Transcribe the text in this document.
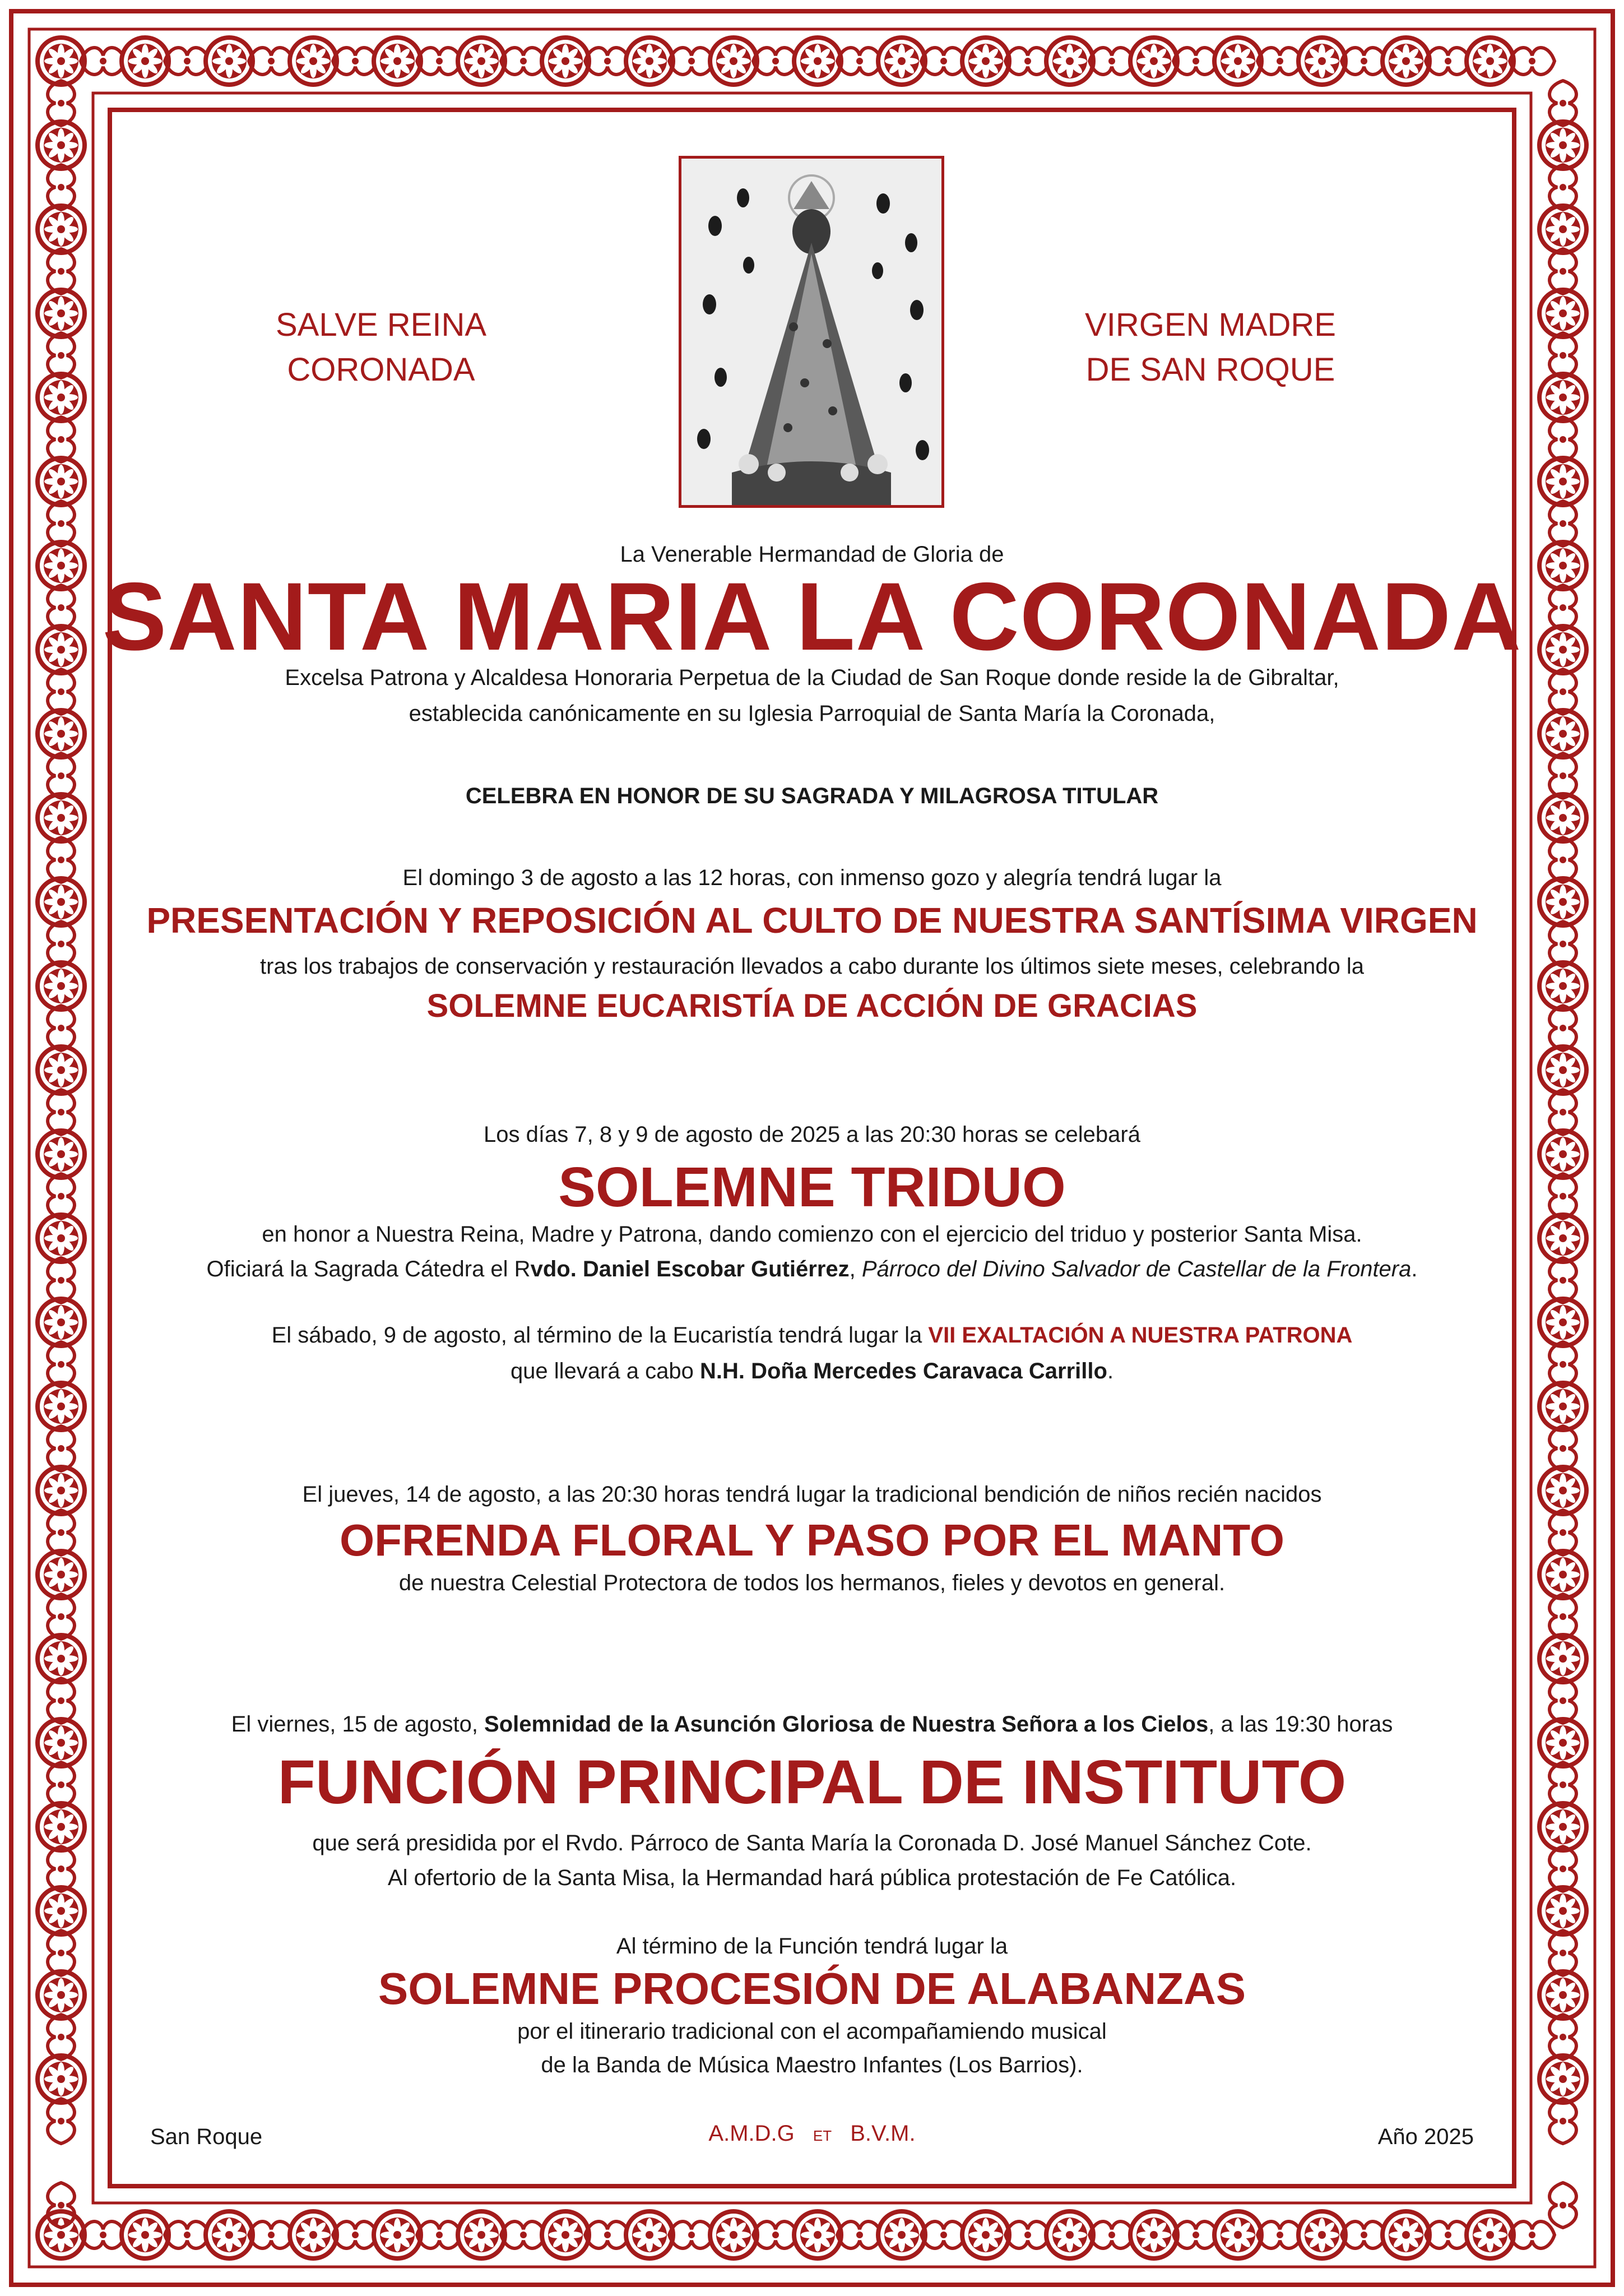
SALVE REINA
CORONADA
VIRGEN MADRE
DE SAN ROQUE
La Venerable Hermandad de Gloria de
SANTA MARIA LA CORONADA
Excelsa Patrona y Alcaldesa Honoraria Perpetua de la Ciudad de San Roque donde reside la de Gibraltar,
establecida canónicamente en su Iglesia Parroquial de Santa María la Coronada,
CELEBRA EN HONOR DE SU SAGRADA Y MILAGROSA TITULAR
El domingo 3 de agosto a las 12 horas, con inmenso gozo y alegría tendrá lugar la
PRESENTACIÓN Y REPOSICIÓN AL CULTO DE NUESTRA SANTÍSIMA VIRGEN
tras los trabajos de conservación y restauración llevados a cabo durante los últimos siete meses, celebrando la
SOLEMNE EUCARISTÍA DE ACCIÓN DE GRACIAS
Los días 7, 8 y 9 de agosto de 2025 a las 20:30 horas se celebará
SOLEMNE TRIDUO
en honor a Nuestra Reina, Madre y Patrona, dando comienzo con el ejercicio del triduo y posterior Santa Misa.
Oficiará la Sagrada Cátedra el Rvdo. Daniel Escobar Gutiérrez, Párroco del Divino Salvador de Castellar de la Frontera.
El sábado, 9 de agosto, al término de la Eucaristía tendrá lugar la VII EXALTACIÓN A NUESTRA PATRONA
que llevará a cabo N.H. Doña Mercedes Caravaca Carrillo.
El jueves, 14 de agosto, a las 20:30 horas tendrá lugar la tradicional bendición de niños recién nacidos
OFRENDA FLORAL Y PASO POR EL MANTO
de nuestra Celestial Protectora de todos los hermanos, fieles y devotos en general.
El viernes, 15 de agosto, Solemnidad de la Asunción Gloriosa de Nuestra Señora a los Cielos, a las 19:30 horas
FUNCIÓN PRINCIPAL DE INSTITUTO
que será presidida por el Rvdo. Párroco de Santa María la Coronada D. José Manuel Sánchez Cote.
Al ofertorio de la Santa Misa, la Hermandad hará pública protestación de Fe Católica.
Al término de la Función tendrá lugar la
SOLEMNE PROCESIÓN DE ALABANZAS
por el itinerario tradicional con el acompañamiendo musical
de la Banda de Música Maestro Infantes (Los Barrios).
San Roque	A.M.D.G ET B.V.M.	Año 2025
